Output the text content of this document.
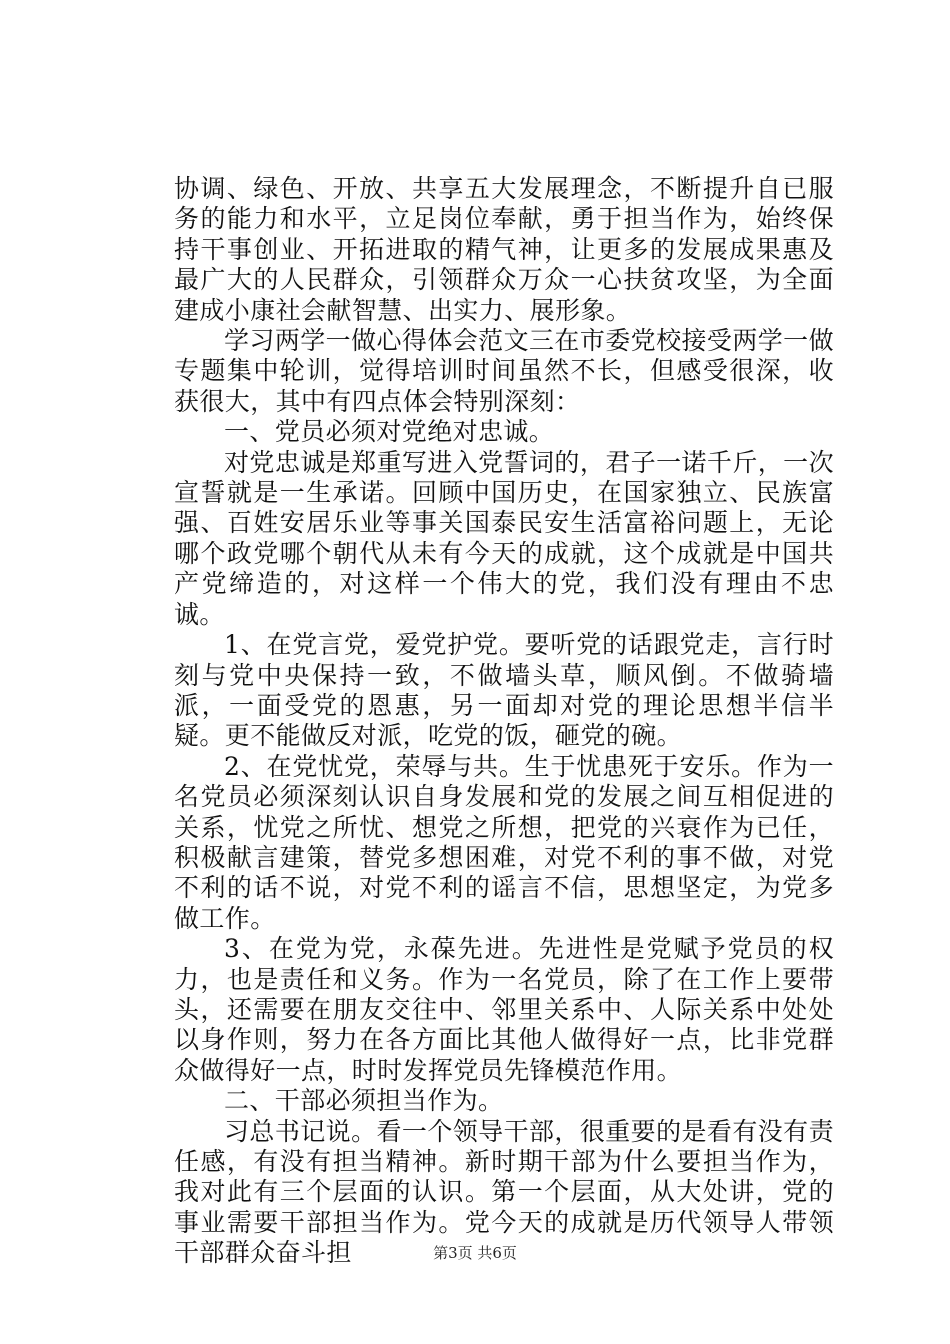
协调、绿色、开放、共享五大发展理念，不断提升自已服务的能力和水平，立足岗位奉献，勇于担当作为，始终保持干事创业、开拓进取的精气神，让更多的发展成果惠及最广大的人民群众，引领群众万众一心扶贫攻坚，为全面建成小康社会献智慧、出实力、展形象。

学习两学一做心得体会范文三在市委党校接受两学一做专题集中轮训，觉得培训时间虽然不长，但感受很深，收获很大，其中有四点体会特别深刻：

一、党员必须对党绝对忠诚。

对党忠诚是郑重写进入党誓词的，君子一诺千斤，一次宣誓就是一生承诺。回顾中国历史，在国家独立、民族富强、百姓安居乐业等事关国泰民安生活富裕问题上，无论哪个政党哪个朝代从未有今天的成就，这个成就是中国共产党缔造的，对这样一个伟大的党，我们没有理由不忠诚。

1、在党言党，爱党护党。要听党的话跟党走，言行时刻与党中央保持一致，不做墙头草，顺风倒。不做骑墙派，一面受党的恩惠，另一面却对党的理论思想半信半疑。更不能做反对派，吃党的饭，砸党的碗。

2、在党忧党，荣辱与共。生于忧患死于安乐。作为一名党员必须深刻认识自身发展和党的发展之间互相促进的关系，忧党之所忧、想党之所想，把党的兴衰作为已任，积极献言建策，替党多想困难，对党不利的事不做，对党不利的话不说，对党不利的谣言不信，思想坚定，为党多做工作。

3、在党为党，永葆先进。先进性是党赋予党员的权力，也是责任和义务。作为一名党员，除了在工作上要带头，还需要在朋友交往中、邻里关系中、人际关系中处处以身作则，努力在各方面比其他人做得好一点，比非党群众做得好一点，时时发挥党员先锋模范作用。

二、干部必须担当作为。

习总书记说。看一个领导干部，很重要的是看有没有责任感，有没有担当精神。新时期干部为什么要担当作为，我对此有三个层面的认识。第一个层面，从大处讲，党的事业需要干部担当作为。党今天的成就是历代领导人带领干部群众奋斗担	第3页 共6页
